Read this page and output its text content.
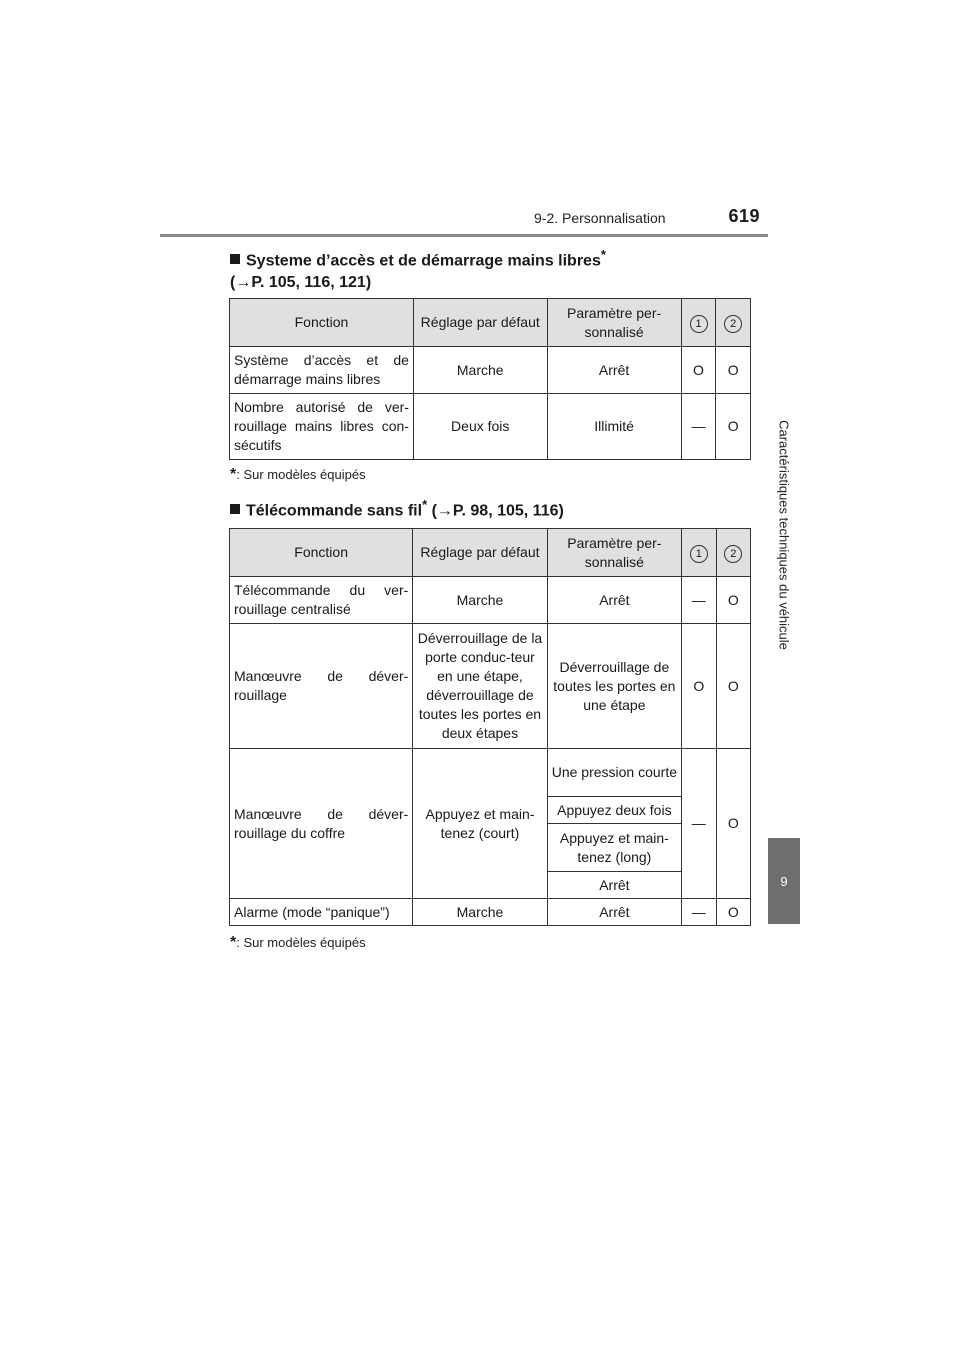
9-2. Personnalisation	619
Caractéristiques techniques du véhicule
9
Systeme d’accès et de démarrage mains libres*
(→P. 105, 116, 121)
Fonction	Réglage par défaut	Paramètre per-sonnalisé	1	2
Système d’accès et de démarrage mains libres	Marche	Arrêt	O	O
Nombre autorisé de ver-rouillage mains libres con-sécutifs	Deux fois	Illimité	—	O
*: Sur modèles équipés
Télécommande sans fil* (→P. 98, 105, 116)
Fonction	Réglage par défaut	Paramètre per-sonnalisé	1	2
Télécommande du ver-rouillage centralisé	Marche	Arrêt	—	O
Manœuvre de déver-rouillage	Déverrouillage de la porte conduc-teur en une étape, déverrouillage de toutes les portes en deux étapes	Déverrouillage de toutes les portes en une étape	O	O
Manœuvre de déver-rouillage du coffre	Appuyez et main-tenez (court)	Une pression courte	—	O
		Appuyez deux fois		
		Appuyez et main-tenez (long)		
		Arrêt		
Alarme (mode “panique”)	Marche	Arrêt	—	O
*: Sur modèles équipés
